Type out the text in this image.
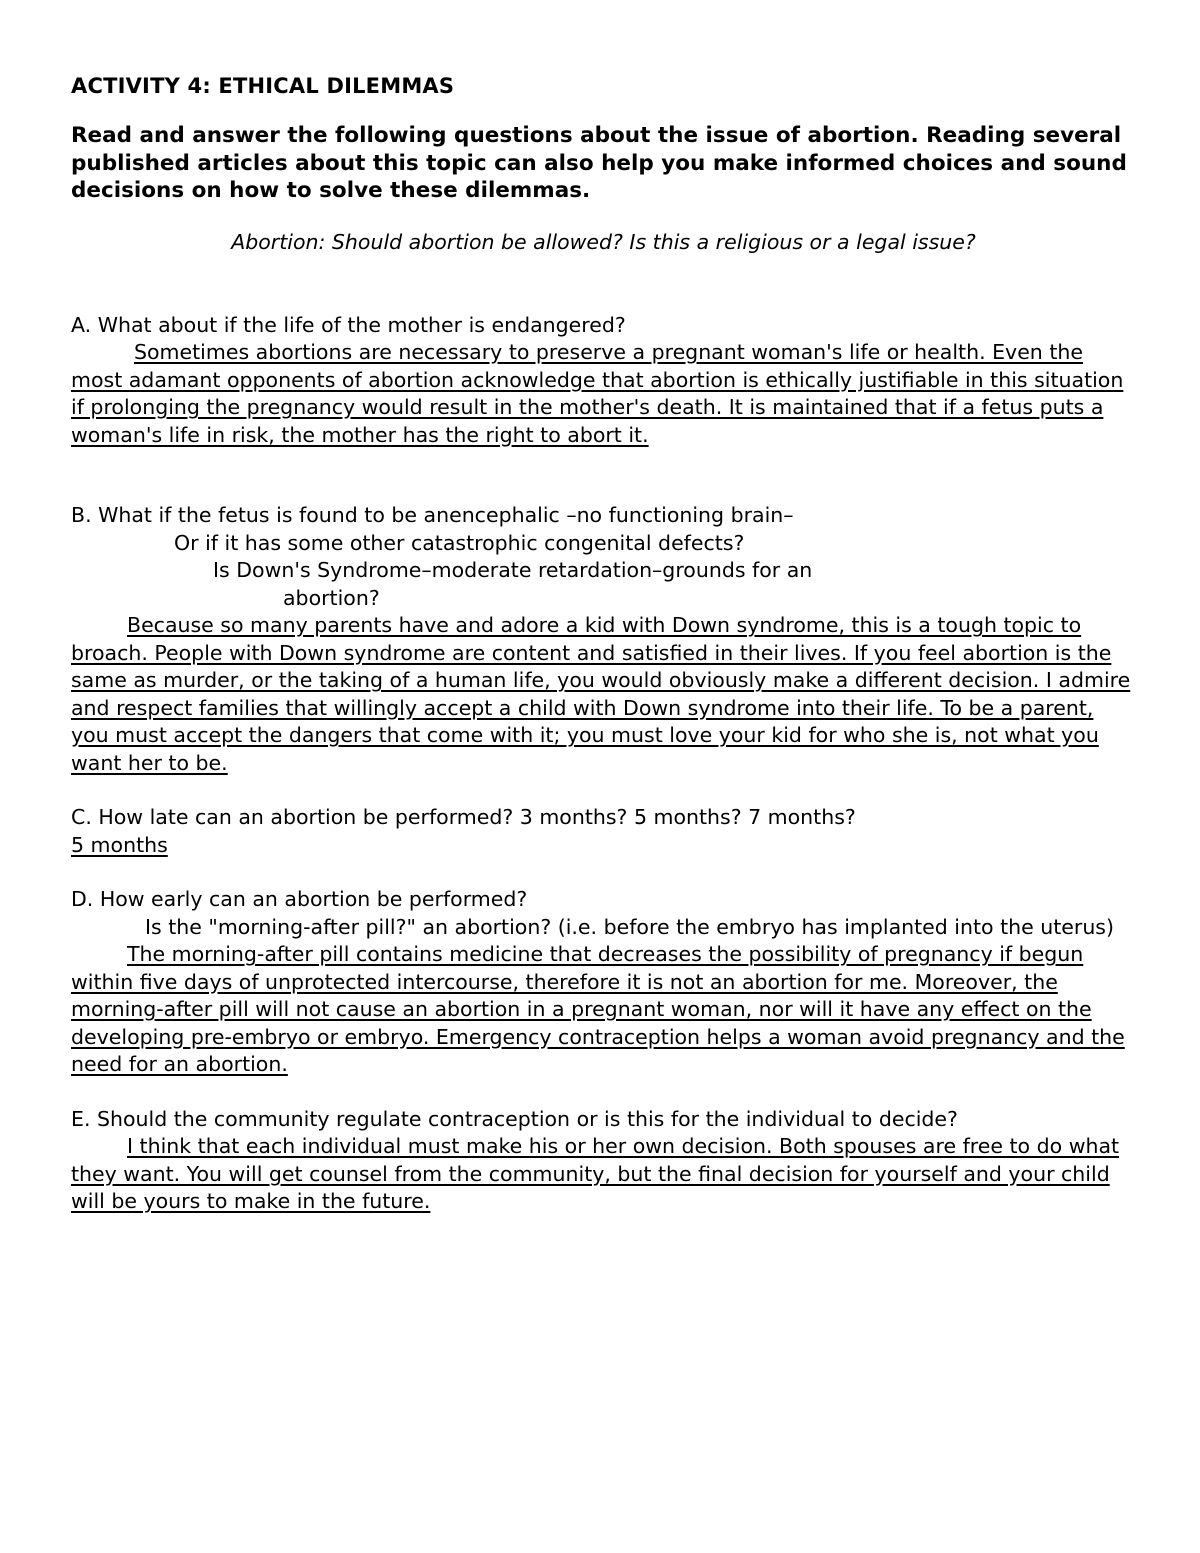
ACTIVITY 4: ETHICAL DILEMMAS
Read and answer the following questions about the issue of abortion. Reading several published articles about this topic can also help you make informed choices and sound decisions on how to solve these dilemmas.
Abortion: Should abortion be allowed? Is this a religious or a legal issue?

A. What about if the life of the mother is endangered?

Sometimes abortions are necessary to preserve a pregnant woman's life or health. Even the most adamant opponents of abortion acknowledge that abortion is ethically justifiable in this situation if prolonging the pregnancy would result in the mother's death. It is maintained that if a fetus puts a woman's life in risk, the mother has the right to abort it.

B. What if the fetus is found to be anencephalic –no functioning brain–

Or if it has some other catastrophic congenital defects?

Is Down's Syndrome–moderate retardation–grounds for an

abortion?

Because so many parents have and adore a kid with Down syndrome, this is a tough topic to broach. People with Down syndrome are content and satisfied in their lives. If you feel abortion is the same as murder, or the taking of a human life, you would obviously make a different decision. I admire and respect families that willingly accept a child with Down syndrome into their life. To be a parent, you must accept the dangers that come with it; you must love your kid for who she is, not what you want her to be.

C. How late can an abortion be performed? 3 months? 5 months? 7 months?

5 months

D. How early can an abortion be performed?

Is the "morning-after pill?" an abortion? (i.e. before the embryo has implanted into the uterus)

The morning-after pill contains medicine that decreases the possibility of pregnancy if begun within five days of unprotected intercourse, therefore it is not an abortion for me. Moreover, the morning-after pill will not cause an abortion in a pregnant woman, nor will it have any effect on the developing pre-embryo or embryo. Emergency contraception helps a woman avoid pregnancy and the need for an abortion.

E. Should the community regulate contraception or is this for the individual to decide?

I think that each individual must make his or her own decision. Both spouses are free to do what they want. You will get counsel from the community, but the final decision for yourself and your child will be yours to make in the future.
